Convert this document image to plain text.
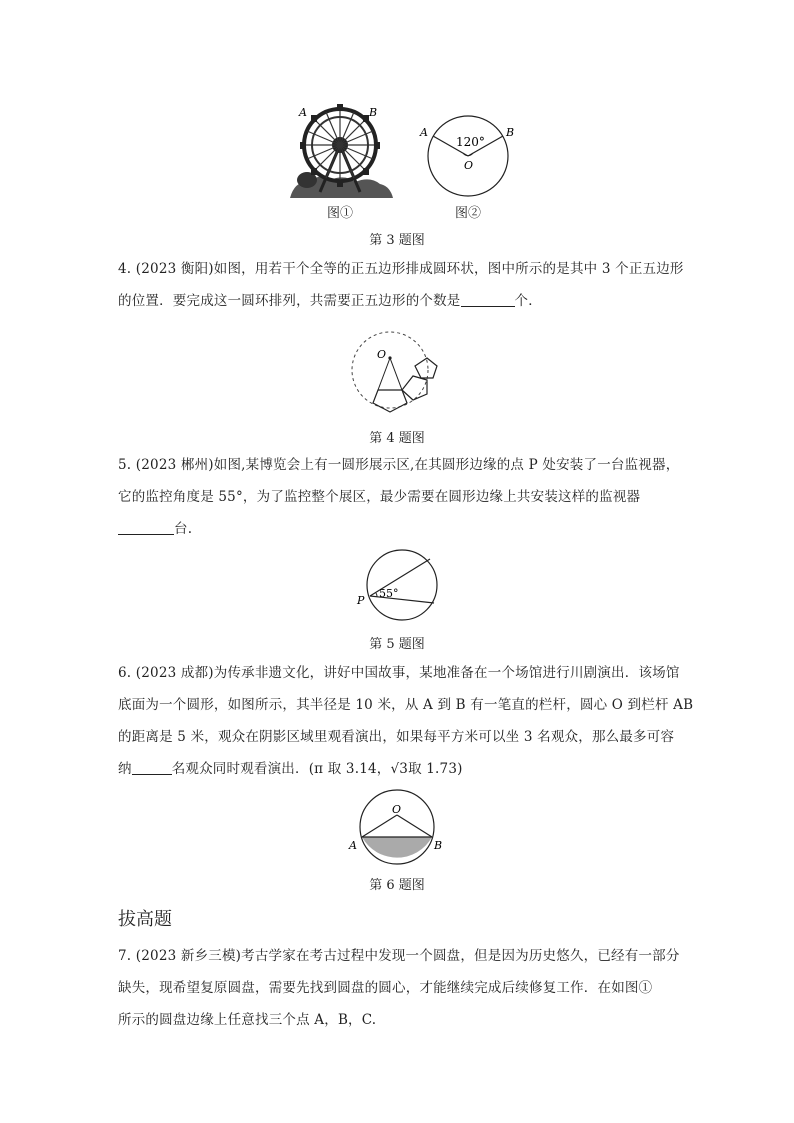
A	B
图①
A	B
120°
O
图②
第 3 题图
4. (2023 衡阳)如图，用若干个全等的正五边形排成圆环状，图中所示的是其中 3 个正五边形
的位置．要完成这一圆环排列，共需要正五边形的个数是	个．
O
第 4 题图
5. (2023 郴州)如图,某博览会上有一圆形展示区,在其圆形边缘的点 P 处安装了一台监视器，
它的监控角度是 55°，为了监控整个展区，最少需要在圆形边缘上共安装这样的监视器
台.
P
55°
第 5 题图
6. (2023 成都)为传承非遗文化，讲好中国故事，某地准备在一个场馆进行川剧演出．该场馆
底面为一个圆形，如图所示，其半径是 10 米，从 A 到 B 有一笔直的栏杆，圆心 O 到栏杆 AB
的距离是 5 米，观众在阴影区域里观看演出，如果每平方米可以坐 3 名观众，那么最多可容
纳	名观众同时观看演出．(π 取 3.14，√3取 1.73)
O
A	B
第 6 题图
拔高题
7. (2023 新乡三模)考古学家在考古过程中发现一个圆盘，但是因为历史悠久，已经有一部分
缺失，现希望复原圆盘，需要先找到圆盘的圆心，才能继续完成后续修复工作．在如图①
所示的圆盘边缘上任意找三个点 A，B，C.
